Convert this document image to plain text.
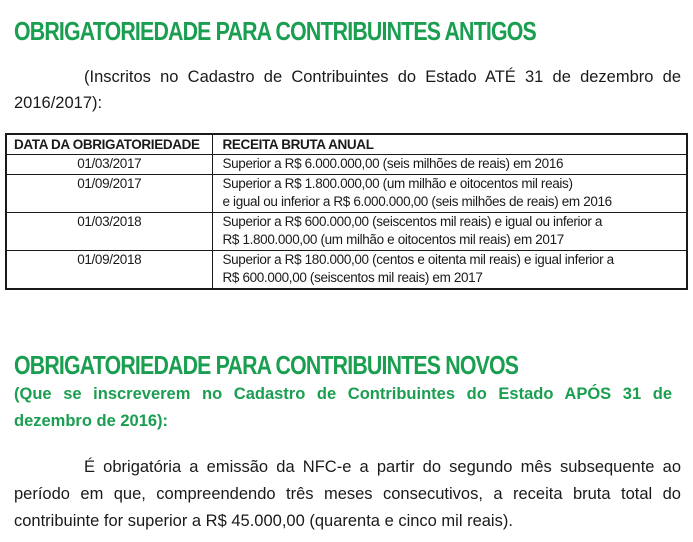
OBRIGATORIEDADE PARA CONTRIBUINTES ANTIGOS
(Inscritos no Cadastro de Contribuintes do Estado ATÉ 31 de dezembro de
2016/2017):
DATA DA OBRIGATORIEDADE	RECEITA BRUTA ANUAL
01/03/2017	Superior a R$ 6.000.000,00 (seis milhões de reais) em 2016

01/09/2017	Superior a R$ 1.800.000,00 (um milhão e oitocentos mil reais)
e igual ou inferior a R$ 6.000.000,00 (seis milhões de reais) em 2016

01/03/2018	Superior a R$ 600.000,00 (seiscentos mil reais) e igual ou inferior a
R$ 1.800.000,00 (um milhão e oitocentos mil reais) em 2017

01/09/2018	Superior a R$ 180.000,00 (centos e oitenta mil reais) e igual inferior a
R$ 600.000,00 (seiscentos mil reais) em 2017
OBRIGATORIEDADE PARA CONTRIBUINTES NOVOS
(Que se inscreverem no Cadastro de Contribuintes do Estado APÓS 31 de
dezembro de 2016):
É obrigatória a emissão da NFC-e a partir do segundo mês subsequente ao
período em que, compreendendo três meses consecutivos, a receita bruta total do
contribuinte for superior a R$ 45.000,00 (quarenta e cinco mil reais).
